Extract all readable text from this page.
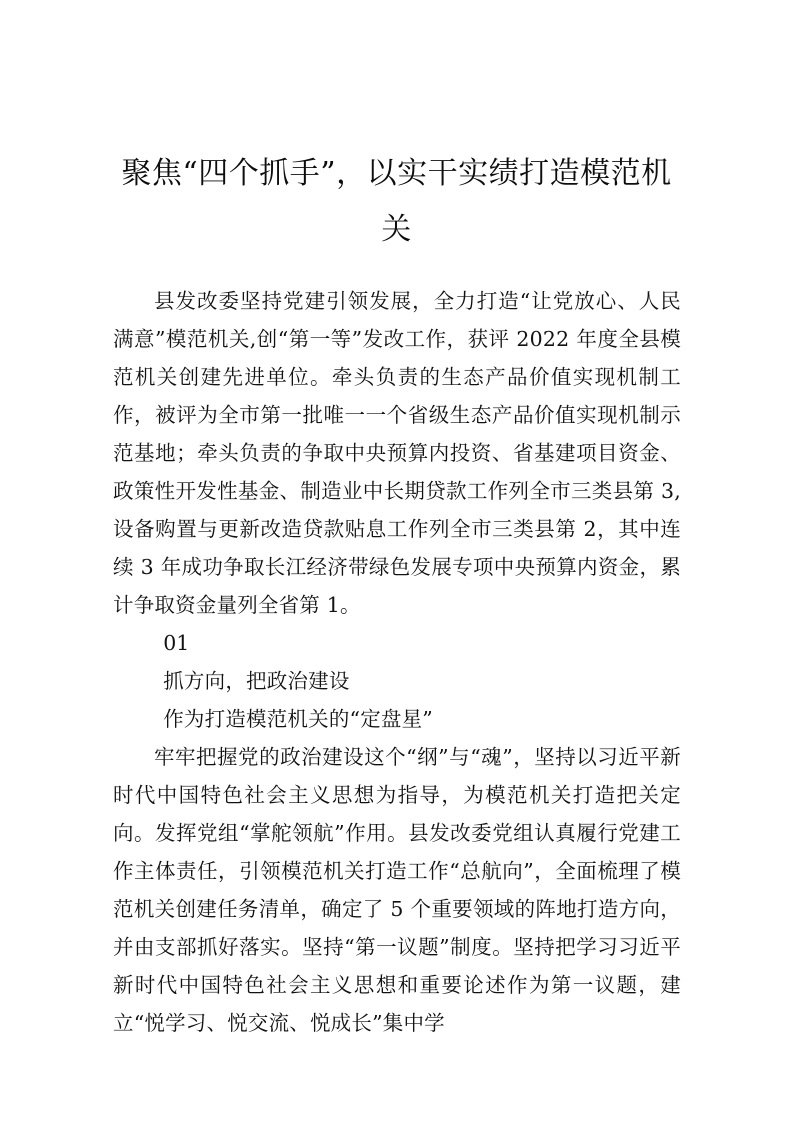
聚焦“四个抓手”，以实干实绩打造模范机关

县发改委坚持党建引领发展，全力打造“让党放心、人民满意”模范机关,创“第一等”发改工作，获评 2022 年度全县模范机关创建先进单位。牵头负责的生态产品价值实现机制工作，被评为全市第一批唯一一个省级生态产品价值实现机制示范基地；牵头负责的争取中央预算内投资、省基建项目资金、政策性开发性基金、制造业中长期贷款工作列全市三类县第 3,设备购置与更新改造贷款贴息工作列全市三类县第 2，其中连续 3 年成功争取长江经济带绿色发展专项中央预算内资金，累计争取资金量列全省第 1。

01

抓方向，把政治建设

作为打造模范机关的“定盘星”

牢牢把握党的政治建设这个“纲”与“魂”，坚持以习近平新时代中国特色社会主义思想为指导，为模范机关打造把关定向。发挥党组“掌舵领航”作用。县发改委党组认真履行党建工作主体责任，引领模范机关打造工作“总航向”，全面梳理了模范机关创建任务清单，确定了 5 个重要领域的阵地打造方向，并由支部抓好落实。坚持“第一议题”制度。坚持把学习习近平新时代中国特色社会主义思想和重要论述作为第一议题，建立“悦学习、悦交流、悦成长”集中学
